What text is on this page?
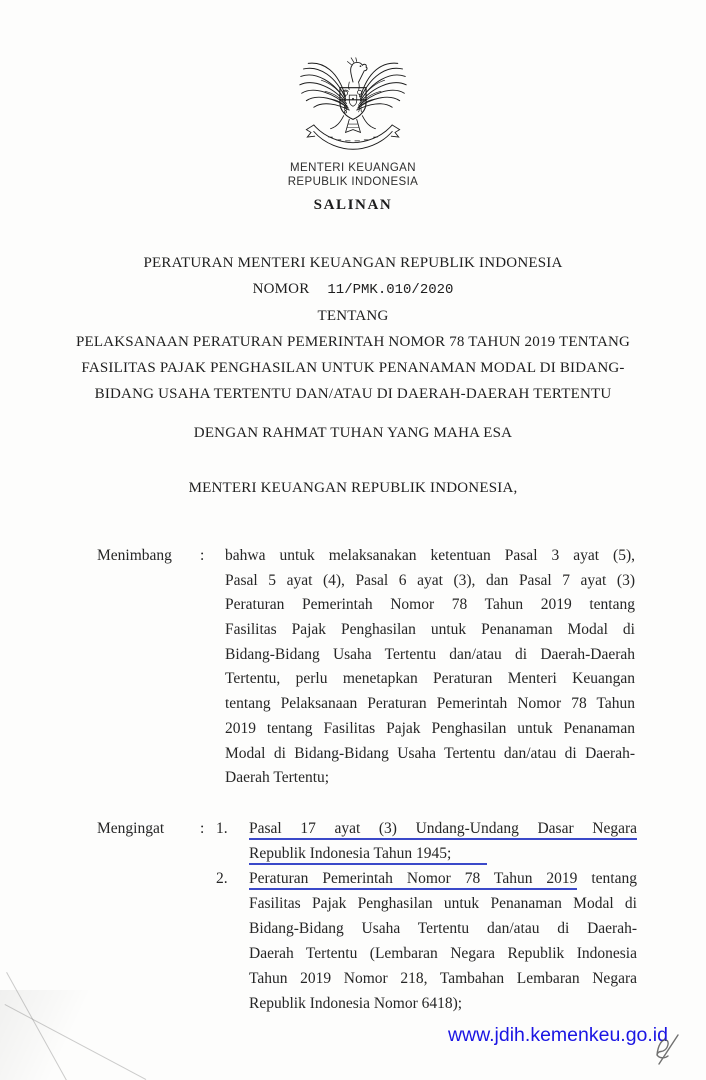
MENTERI KEUANGAN
REPUBLIK INDONESIA
SALINAN
PERATURAN MENTERI KEUANGAN REPUBLIK INDONESIA
NOMOR 11/PMK.010/2020
TENTANG
PELAKSANAAN PERATURAN PEMERINTAH NOMOR 78 TAHUN 2019 TENTANG
FASILITAS PAJAK PENGHASILAN UNTUK PENANAMAN MODAL DI BIDANG-
BIDANG USAHA TERTENTU DAN/ATAU DI DAERAH-DAERAH TERTENTU
DENGAN RAHMAT TUHAN YANG MAHA ESA
MENTERI KEUANGAN REPUBLIK INDONESIA,
Menimbang	:	bahwa untuk melaksanakan ketentuan Pasal 3 ayat (5),
Pasal 5 ayat (4), Pasal 6 ayat (3), dan Pasal 7 ayat (3)
Peraturan Pemerintah Nomor 78 Tahun 2019 tentang
Fasilitas Pajak Penghasilan untuk Penanaman Modal di
Bidang-Bidang Usaha Tertentu dan/atau di Daerah-Daerah
Tertentu, perlu menetapkan Peraturan Menteri Keuangan
tentang Pelaksanaan Peraturan Pemerintah Nomor 78 Tahun
2019 tentang Fasilitas Pajak Penghasilan untuk Penanaman
Modal di Bidang-Bidang Usaha Tertentu dan/atau di Daerah-
Daerah Tertentu;
Mengingat	: 1.	Pasal 17 ayat (3) Undang-Undang Dasar Negara
Republik Indonesia Tahun 1945;
2.	Peraturan Pemerintah Nomor 78 Tahun 2019 tentang
Fasilitas Pajak Penghasilan untuk Penanaman Modal di
Bidang-Bidang Usaha Tertentu dan/atau di Daerah-
Daerah Tertentu (Lembaran Negara Republik Indonesia
Tahun 2019 Nomor 218, Tambahan Lembaran Negara
Republik Indonesia Nomor 6418);
www.jdih.kemenkeu.go.id
